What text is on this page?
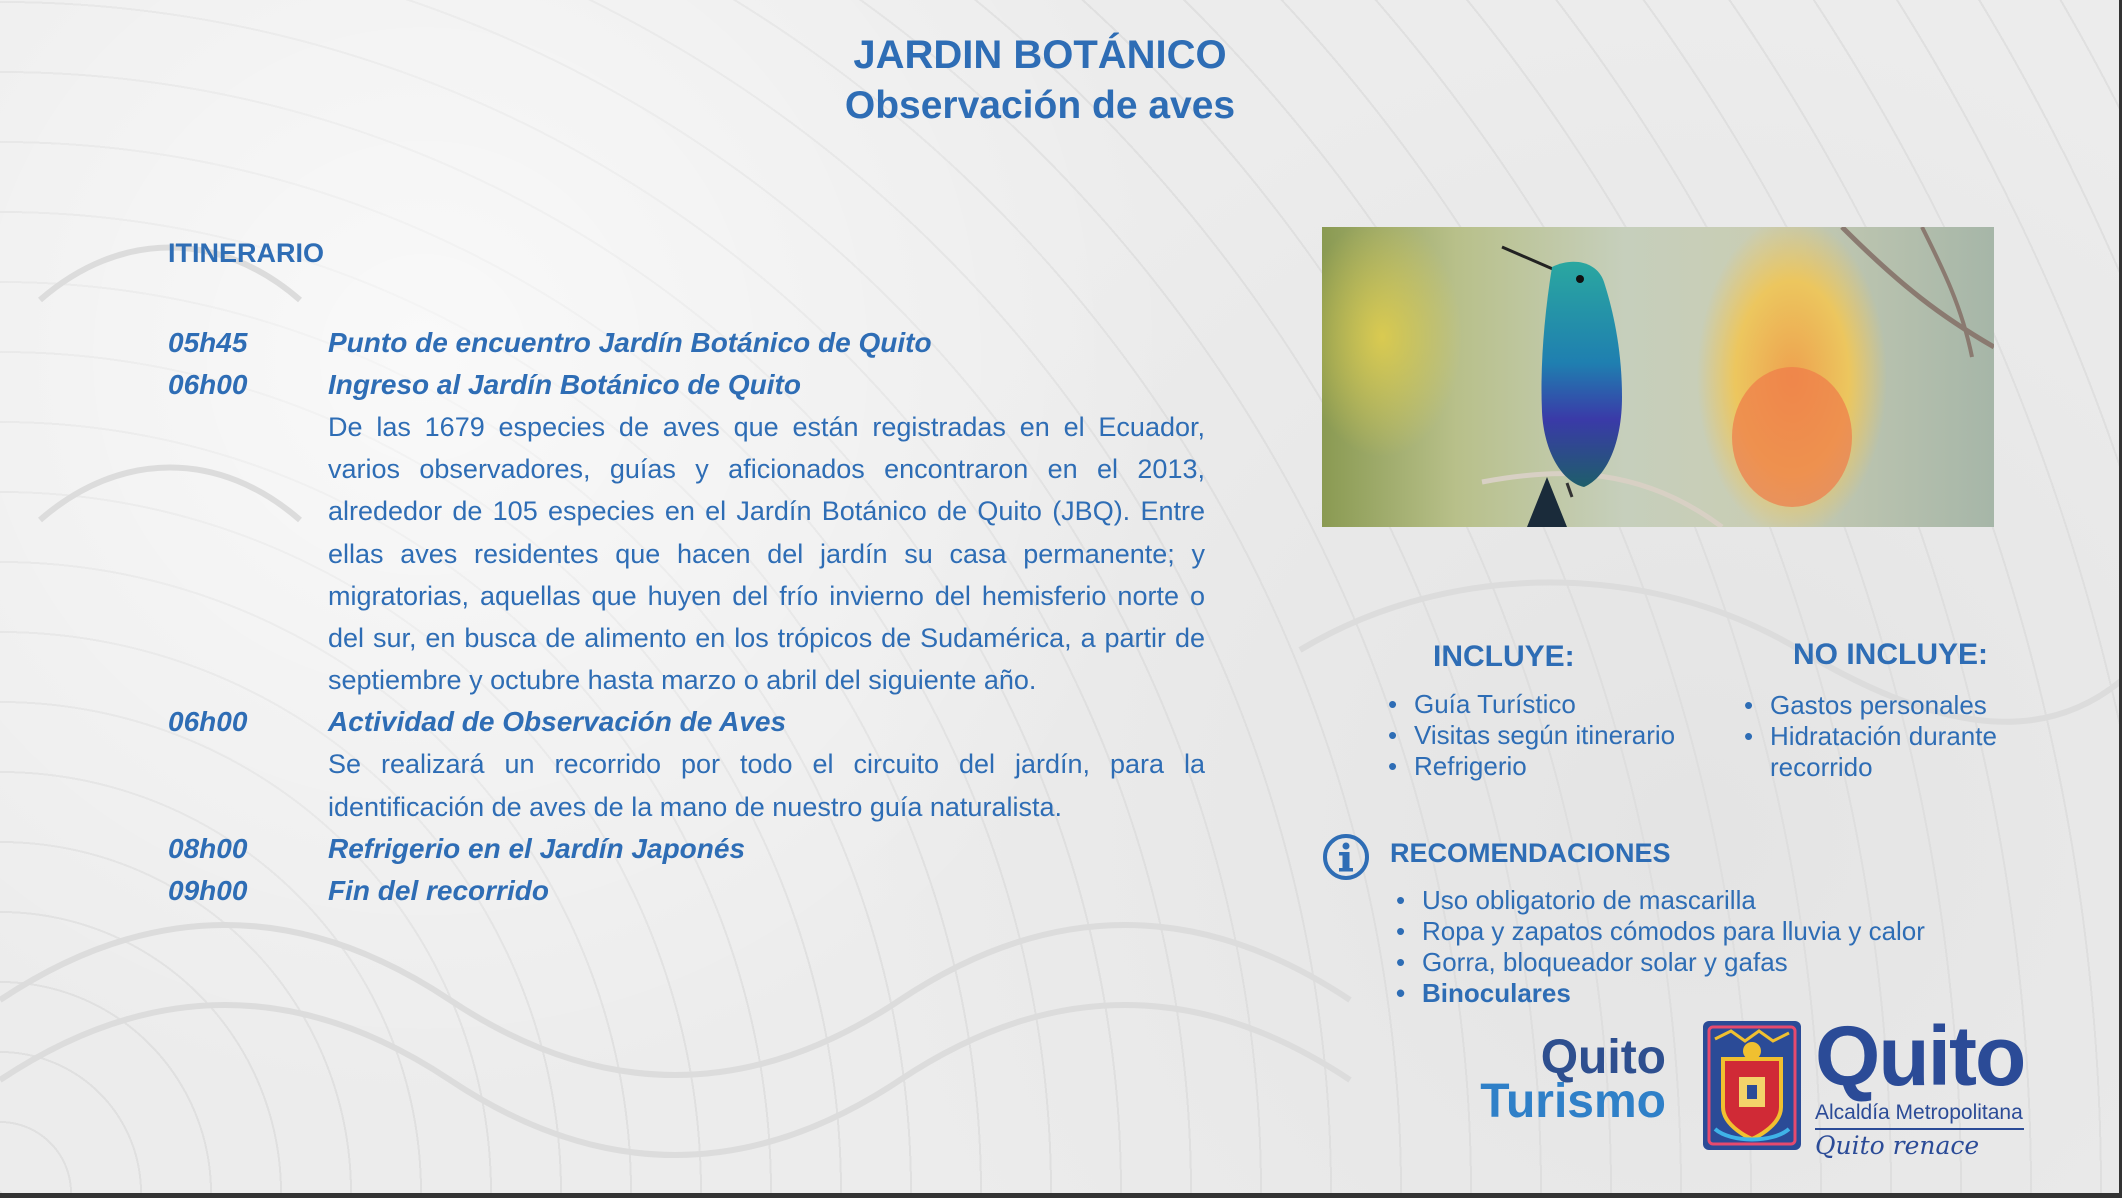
JARDIN BOTÁNICO
Observación de aves
ITINERARIO
05h45	Punto de encuentro Jardín Botánico de Quito
06h00	Ingreso al Jardín Botánico de Quito
De las 1679 especies de aves que están registradas en el Ecuador, varios observadores, guías y aficionados encontraron en el 2013, alrededor de 105 especies en el Jardín Botánico de Quito (JBQ). Entre ellas aves residentes que hacen del jardín su casa permanente; y migratorias, aquellas que huyen del frío invierno del hemisferio norte o del sur, en busca de alimento en los trópicos de Sudamérica, a partir de septiembre y octubre hasta marzo o abril del siguiente año.
06h00	Actividad de Observación de Aves
Se realizará un recorrido por todo el circuito del jardín, para la identificación de aves de la mano de nuestro guía naturalista.
08h00	Refrigerio en el Jardín Japonés
09h00	Fin del recorrido
INCLUYE:
• Guía Turístico
• Visitas según itinerario
• Refrigerio
NO INCLUYE:
• Gastos personales
• Hidratación durante recorrido
RECOMENDACIONES
• Uso obligatorio de mascarilla
• Ropa y zapatos cómodos para lluvia y calor
• Gorra, bloqueador solar y gafas
• Binoculares
Quito
Turismo Quito
Alcaldía Metropolitana
Quito renace
